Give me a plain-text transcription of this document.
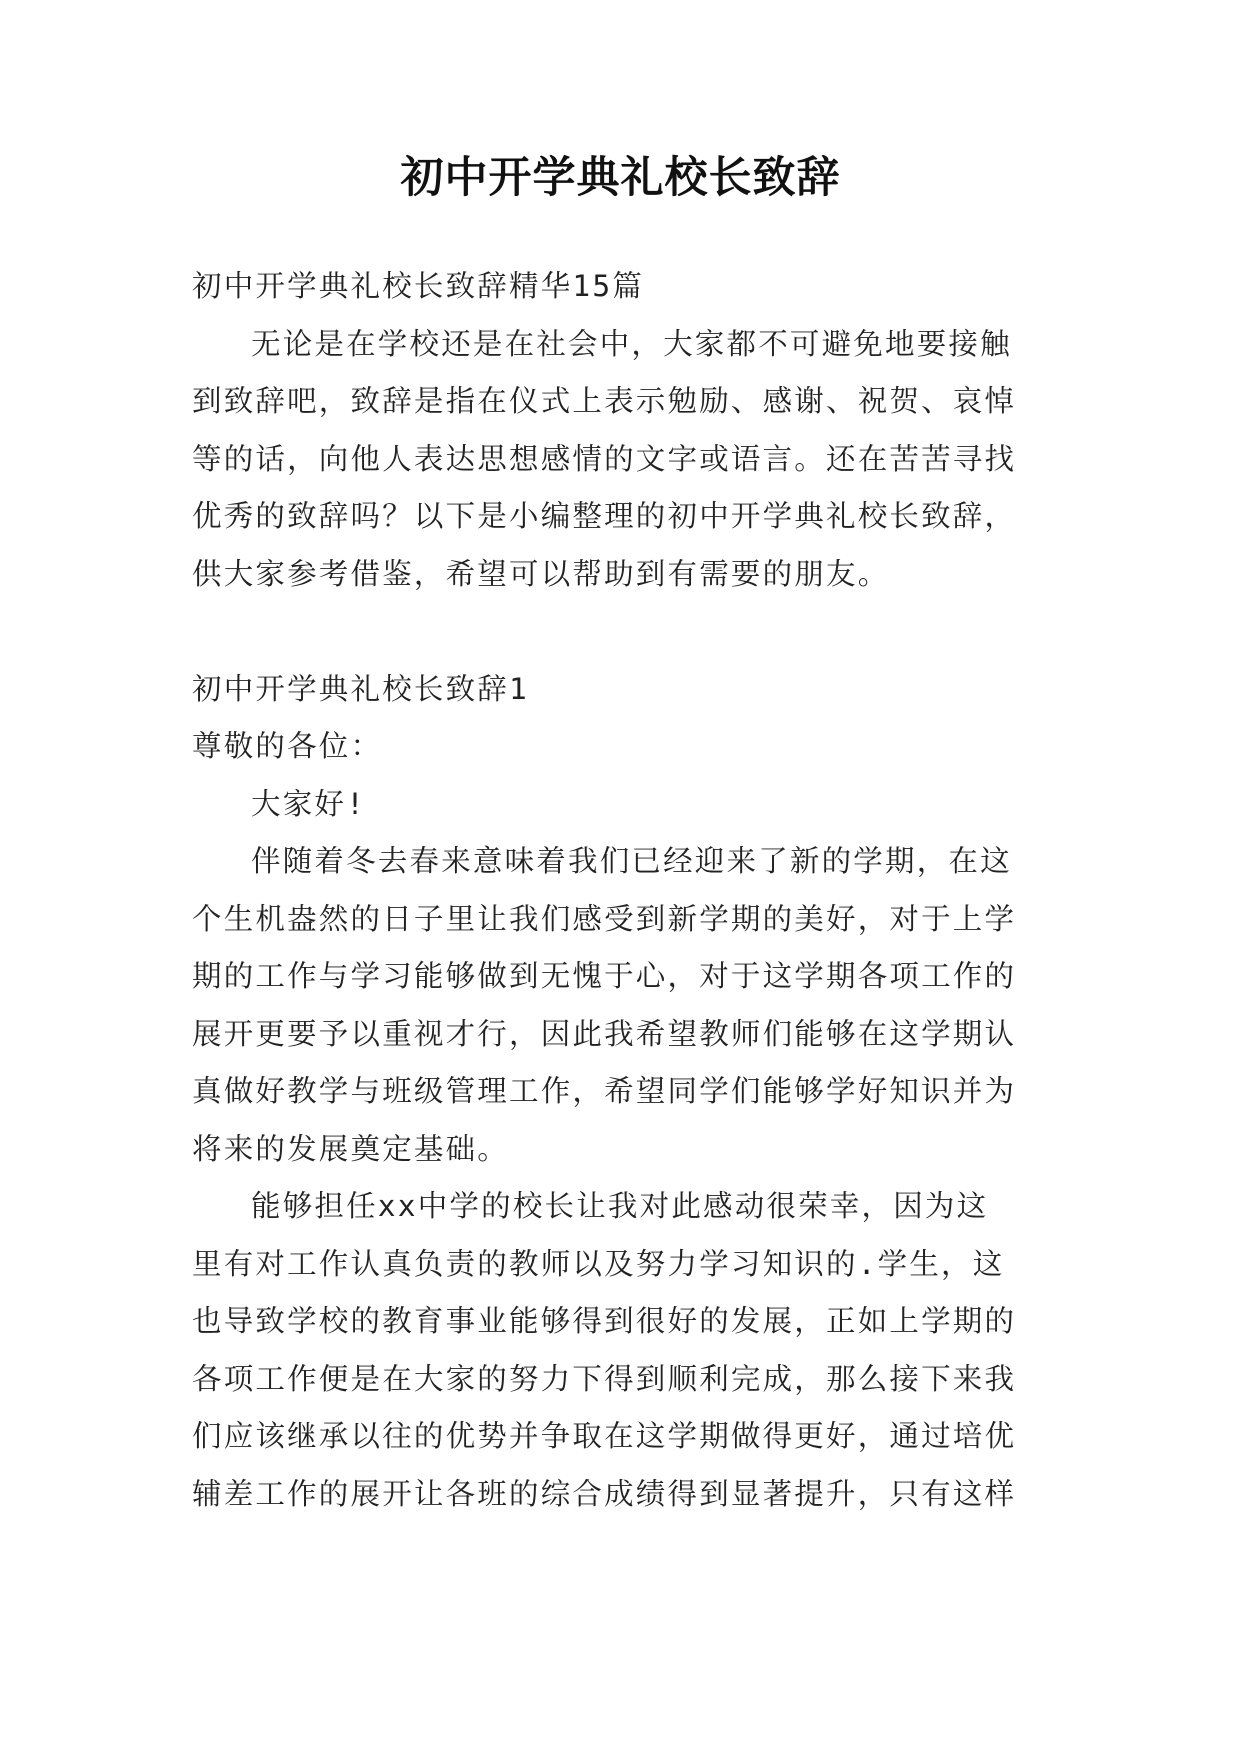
初中开学典礼校长致辞

初中开学典礼校长致辞精华15篇

无论是在学校还是在社会中，大家都不可避免地要接触

到致辞吧，致辞是指在仪式上表示勉励、感谢、祝贺、哀悼

等的话，向他人表达思想感情的文字或语言。还在苦苦寻找

优秀的致辞吗？以下是小编整理的初中开学典礼校长致辞，

供大家参考借鉴，希望可以帮助到有需要的朋友。

初中开学典礼校长致辞1

尊敬的各位：

大家好!

伴随着冬去春来意味着我们已经迎来了新的学期，在这

个生机盎然的日子里让我们感受到新学期的美好，对于上学

期的工作与学习能够做到无愧于心，对于这学期各项工作的

展开更要予以重视才行，因此我希望教师们能够在这学期认

真做好教学与班级管理工作，希望同学们能够学好知识并为

将来的发展奠定基础。

能够担任xx中学的校长让我对此感动很荣幸，因为这

里有对工作认真负责的教师以及努力学习知识的.学生，这

也导致学校的教育事业能够得到很好的发展，正如上学期的

各项工作便是在大家的努力下得到顺利完成，那么接下来我

们应该继承以往的优势并争取在这学期做得更好，通过培优

辅差工作的展开让各班的综合成绩得到显著提升，只有这样
